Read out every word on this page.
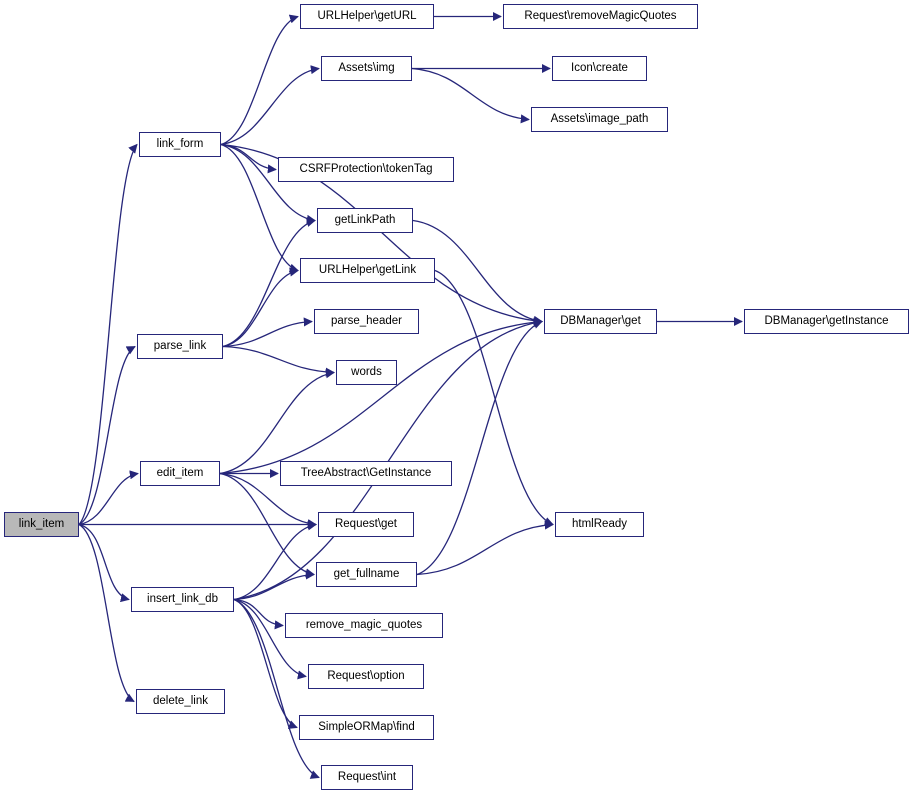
link_item
link_form
parse_link
edit_item
insert_link_db
delete_link
URLHelper\getURL
Assets\img
CSRFProtection\tokenTag
getLinkPath
URLHelper\getLink
parse_header
words
TreeAbstract\GetInstance
Request\get
get_fullname
remove_magic_quotes
Request\option
SimpleORMap\find
Request\int
Request\removeMagicQuotes
Icon\create
Assets\image_path
DBManager\get
htmlReady
DBManager\getInstance
